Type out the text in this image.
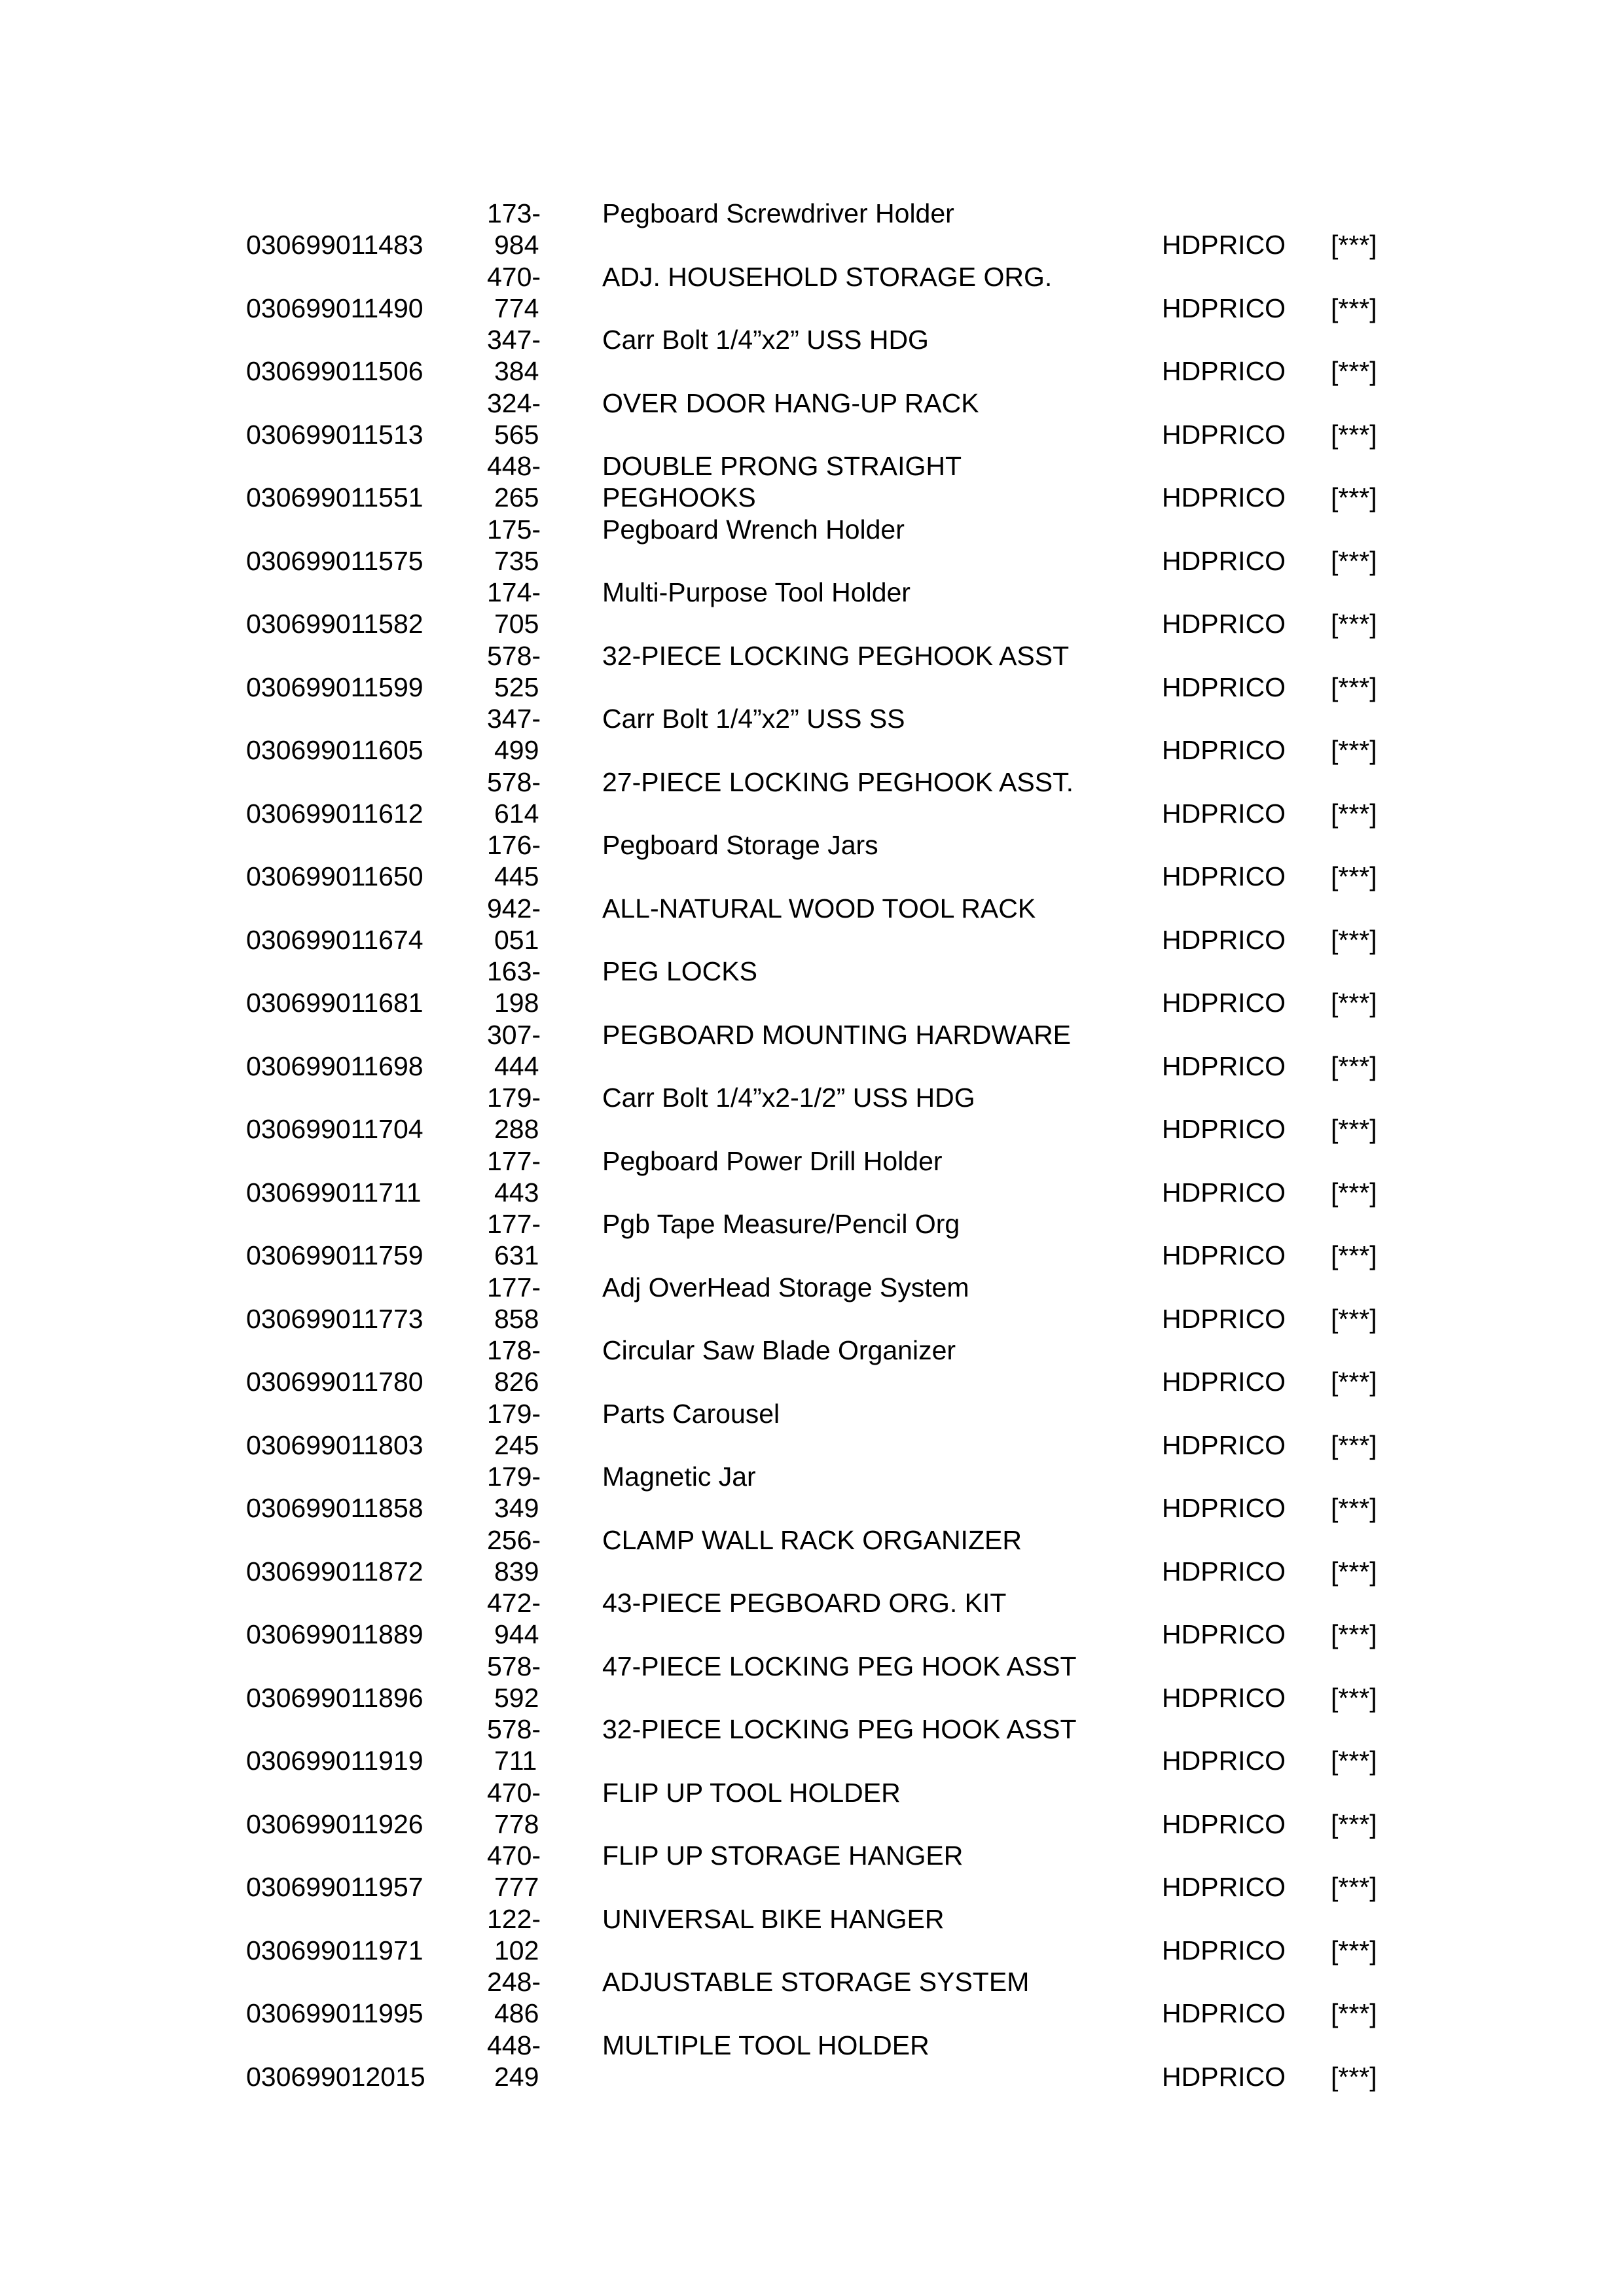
030699011483
173-
984
Pegboard Screwdriver Holder
HDPRICO [***]
030699011490
470-
774
ADJ. HOUSEHOLD STORAGE ORG.
HDPRICO [***]
030699011506
347-
384
Carr Bolt 1/4”x2” USS HDG
HDPRICO [***]
030699011513
324-
565
OVER DOOR HANG-UP RACK
HDPRICO [***]
030699011551
448-
265
DOUBLE PRONG STRAIGHT
HDPRICO [***]
PEGHOOKS
030699011575
175-
735
Pegboard Wrench Holder
HDPRICO [***]
030699011582
174-
705
Multi-Purpose Tool Holder
HDPRICO [***]
030699011599
578-
525
32-PIECE LOCKING PEGHOOK ASST
HDPRICO [***]
030699011605
347-
499
Carr Bolt 1/4”x2” USS SS
HDPRICO [***]
030699011612
578-
614
27-PIECE LOCKING PEGHOOK ASST.
HDPRICO [***]
030699011650
176-
445
Pegboard Storage Jars
HDPRICO [***]
030699011674
942-
051
ALL-NATURAL WOOD TOOL RACK
HDPRICO [***]
030699011681
163-
198
PEG LOCKS
HDPRICO [***]
030699011698
307-
444
PEGBOARD MOUNTING HARDWARE
HDPRICO [***]
030699011704
179-
288
Carr Bolt 1/4”x2-1/2” USS HDG
HDPRICO [***]
030699011711
177-
443
Pegboard Power Drill Holder
HDPRICO [***]
030699011759
177-
631
Pgb Tape Measure/Pencil Org
HDPRICO [***]
030699011773
177-
858
Adj OverHead Storage System
HDPRICO [***]
030699011780
178-
826
Circular Saw Blade Organizer
HDPRICO [***]
030699011803
179-
245
Parts Carousel
HDPRICO [***]
030699011858
179-
349
Magnetic Jar
HDPRICO [***]
030699011872
256-
839
CLAMP WALL RACK ORGANIZER
HDPRICO [***]
030699011889
472-
944
43-PIECE PEGBOARD ORG. KIT
HDPRICO [***]
030699011896
578-
592
47-PIECE LOCKING PEG HOOK ASST
HDPRICO [***]
030699011919
578-
711
32-PIECE LOCKING PEG HOOK ASST
HDPRICO [***]
030699011926
470-
778
FLIP UP TOOL HOLDER
HDPRICO [***]
030699011957
470-
777
FLIP UP STORAGE HANGER
HDPRICO [***]
030699011971
122-
102
UNIVERSAL BIKE HANGER
HDPRICO [***]
030699011995
248-
486
ADJUSTABLE STORAGE SYSTEM
HDPRICO [***]
030699012015
448-
249
MULTIPLE TOOL HOLDER
HDPRICO [***]
